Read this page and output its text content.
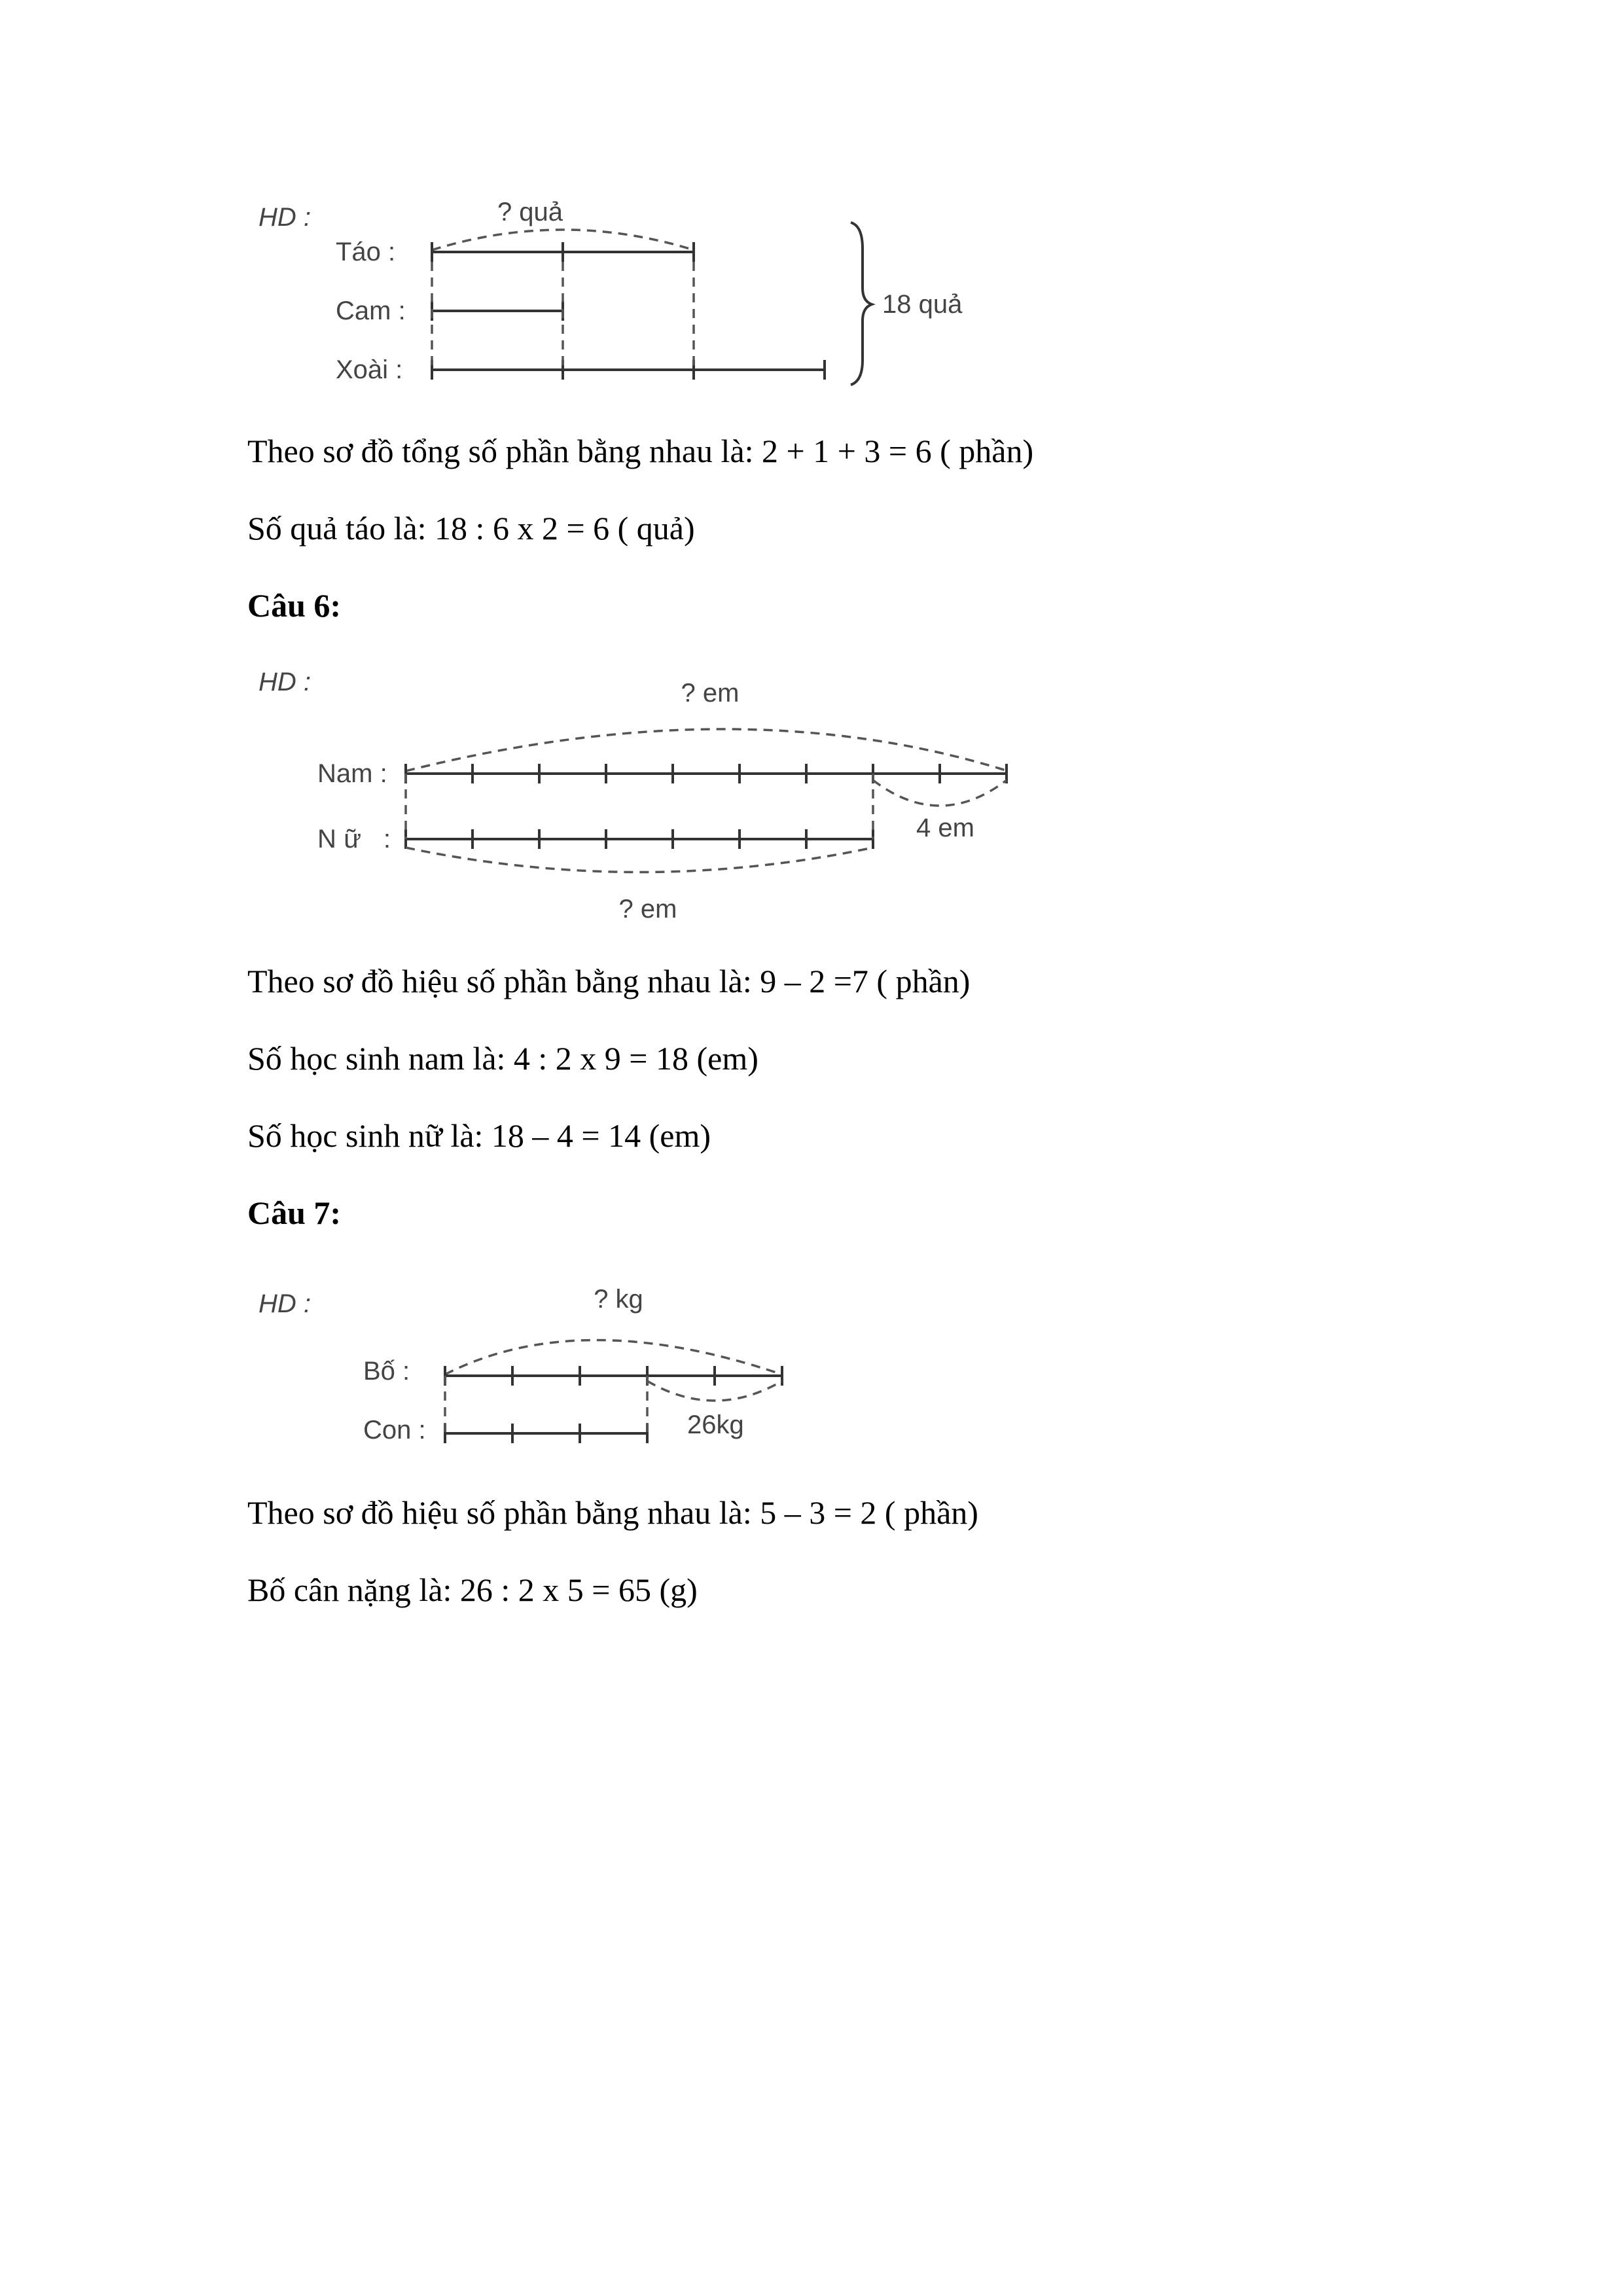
HD :	? quả
Táo :
Cam :
Xoài :
18 quả

Theo sơ đồ tổng số phần bằng nhau là: 2 + 1 + 3 = 6 ( phần)

Số quả táo là: 18 : 6 x 2 = 6 ( quả)

Câu 6:

HD :	? em
Nam :
Nữ :	4 em
? em

Theo sơ đồ hiệu số phần bằng nhau là: 9 – 2 =7 ( phần)

Số học sinh nam là: 4 : 2 x 9 = 18 (em)

Số học sinh nữ là: 18 – 4 = 14 (em)

Câu 7:

HD :	? kg
Bố :
Con :	26kg

Theo sơ đồ hiệu số phần bằng nhau là: 5 – 3 = 2 ( phần)

Bố cân nặng là: 26 : 2 x 5 = 65 (g)
